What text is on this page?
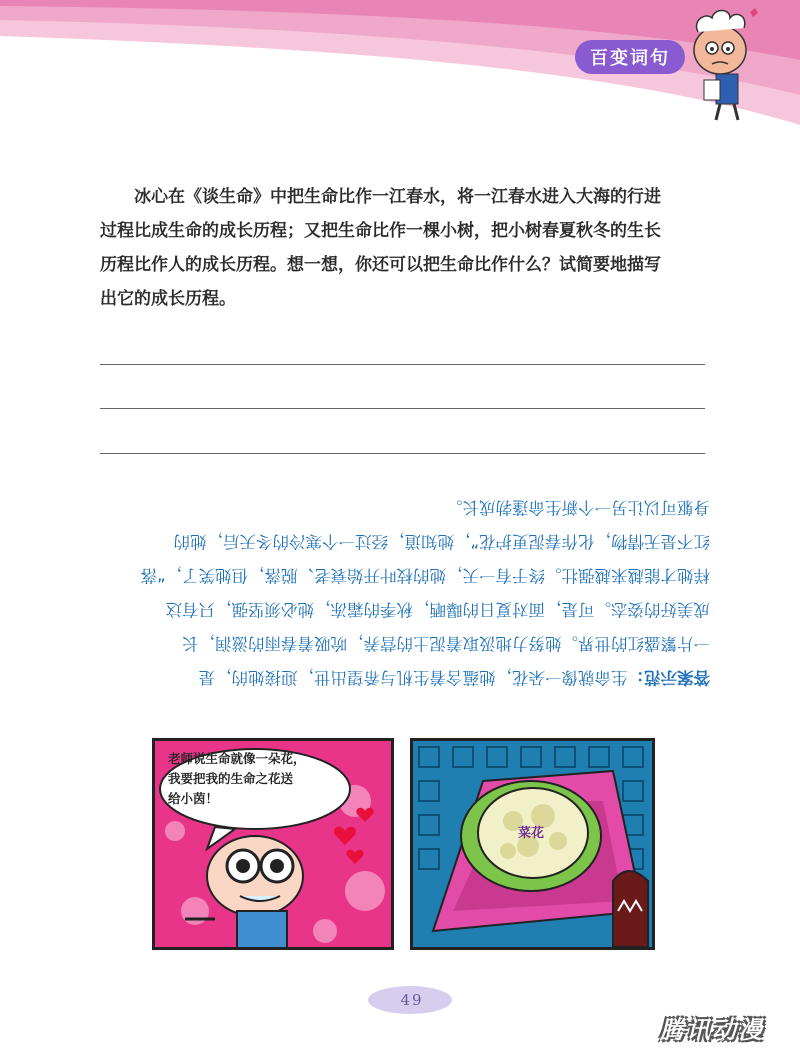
百变词句
冰心在《谈生命》中把生命比作一江春水，将一江春水进入大海的行进
过程比成生命的成长历程；又把生命比作一棵小树，把小树春夏秋冬的生长
历程比作人的成长历程。想一想，你还可以把生命比作什么？试简要地描写
出它的成长历程。
答案示范：生命就像一朵花，她蕴含着生机与希望出世，迎接她的，是
一片繁盛红的世界。她努力地汲取着泥土的营养，吮吸着春雨的滋润，长
成美好的姿态。可是，面对夏日的曝晒，秋季的霜冻，她必须坚强，只有这
样她才能越来越强壮。终于有一天，她的枝叶开始衰老、脱落，但她笑了，“落
红不是无情物，化作春泥更护花”，她知道，经过一个寒冷的冬天后，她的
身躯可以让另一个新生命蓬勃成长。
老师说生命就像一朵花，
我要把我的生命之花送
给小茵！
菜花
49
腾讯动漫
